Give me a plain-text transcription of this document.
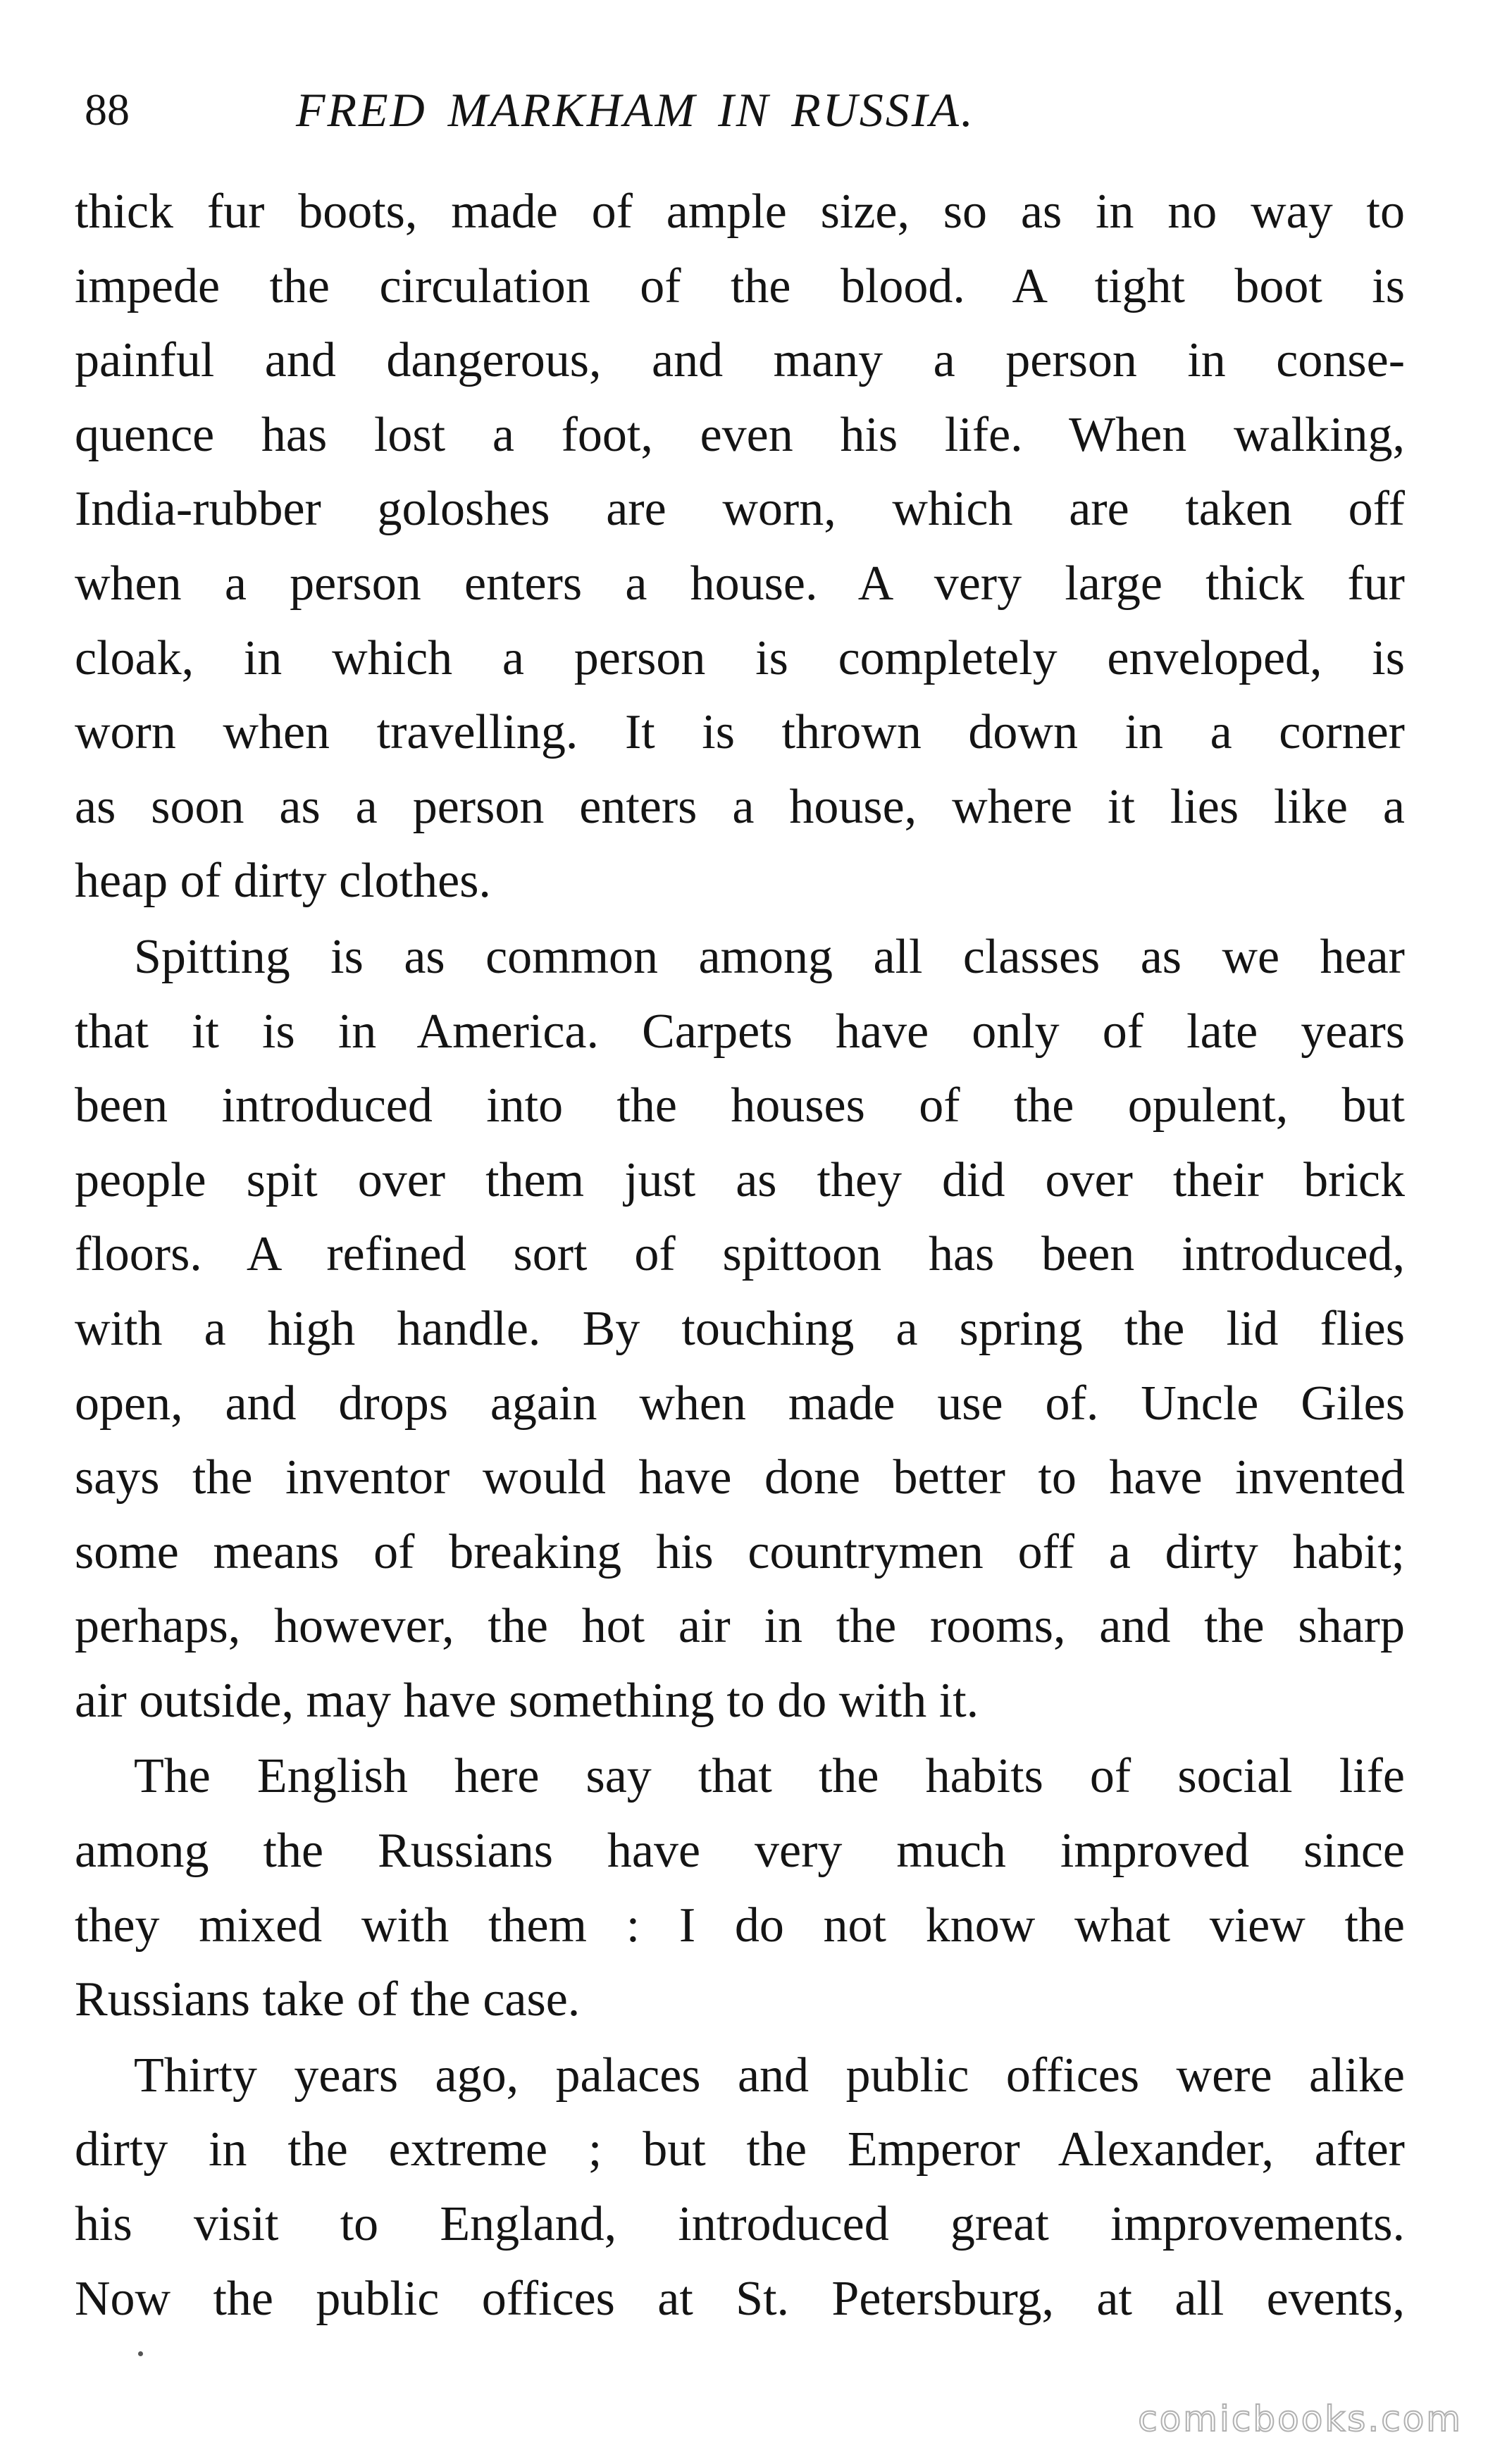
88	FRED MARKHAM IN RUSSIA.
thick fur boots, made of ample size, so as in no way to
impede the circulation of the blood. A tight boot is
painful and dangerous, and many a person in conse-
quence has lost a foot, even his life. When walking,
India-rubber goloshes are worn, which are taken off
when a person enters a house. A very large thick fur
cloak, in which a person is completely enveloped, is
worn when travelling. It is thrown down in a corner
as soon as a person enters a house, where it lies like a
heap of dirty clothes.
Spitting is as common among all classes as we hear
that it is in America. Carpets have only of late years
been introduced into the houses of the opulent, but
people spit over them just as they did over their brick
floors. A refined sort of spittoon has been introduced,
with a high handle. By touching a spring the lid flies
open, and drops again when made use of. Uncle Giles
says the inventor would have done better to have invented
some means of breaking his countrymen off a dirty habit;
perhaps, however, the hot air in the rooms, and the sharp
air outside, may have something to do with it.
The English here say that the habits of social life
among the Russians have very much improved since
they mixed with them : I do not know what view the
Russians take of the case.
Thirty years ago, palaces and public offices were alike
dirty in the extreme ; but the Emperor Alexander, after
his visit to England, introduced great improvements.
Now the public offices at St. Petersburg, at all events,
comicbooks.com
